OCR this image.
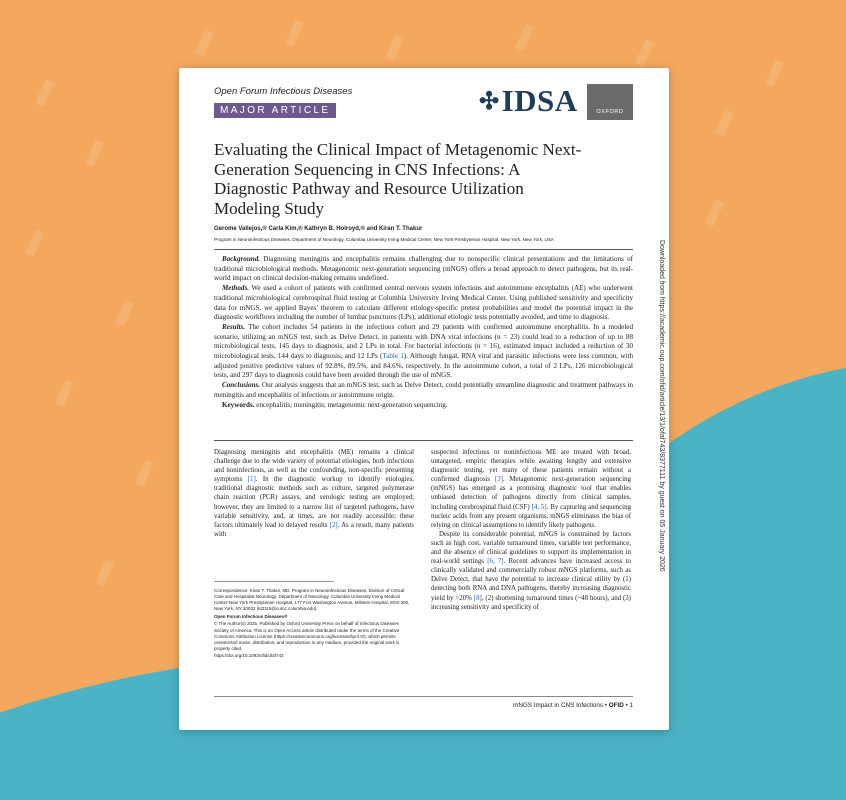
Open Forum Infectious Diseases
MAJOR ARTICLE	✣ IDSA	OXFORD
Evaluating the Clinical Impact of Metagenomic Next-Generation Sequencing in CNS Infections: A Diagnostic Pathway and Resource Utilization Modeling Study
Gerome Vallejos,® Carla Kim,® Kathryn B. Holroyd,® and Kiran T. Thakur
Program in Neuroinfectious Diseases, Department of Neurology, Columbia University Irving Medical Center, New York Presbyterian Hospital, New York, New York, USA

Background. Diagnosing meningitis and encephalitis remains challenging due to nonspecific clinical presentations and the limitations of traditional microbiological methods. Metagenomic next-generation sequencing (mNGS) offers a broad approach to detect pathogens, but its real-world impact on clinical decision-making remains undefined.

Methods. We used a cohort of patients with confirmed central nervous system infections and autoimmune encephalitis (AE) who underwent traditional microbiological cerebrospinal fluid testing at Columbia University Irving Medical Center. Using published sensitivity and specificity data for mNGS, we applied Bayes’ theorem to calculate different etiology-specific pretest probabilities and model the potential impact in the diagnostic workflows including the number of lumbar punctures (LPs), additional etiologic tests potentially avoided, and time to diagnosis.

Results. The cohort includes 54 patients in the infectious cohort and 29 patients with confirmed autoimmune encephalitis. In a modeled scenario, utilizing an mNGS test, such as Delve Detect, in patients with DNA viral infections (n = 23) could lead to a reduction of up to 88 microbiological tests, 145 days to diagnosis, and 2 LPs in total. For bacterial infections (n = 16), estimated impact included a reduction of 30 microbiological tests, 144 days to diagnosis, and 12 LPs (Table 1). Although fungal, RNA viral and parasitic infections were less common, with adjusted positive predictive values of 92.8%, 89.5%, and 84.6%, respectively. In the autoimmune cohort, a total of 2 LPs, 126 microbiological tests, and 297 days to diagnosis could have been avoided through the use of mNGS.

Conclusions. Our analysis suggests that an mNGS test, such as Delve Detect, could potentially streamline diagnostic and treatment pathways in meningitis and encephalitis of infectious or autoimmune origin.

Keywords. encephalitis; meningitis; metagenomic next-generation sequencing.

Diagnosing meningitis and encephalitis (ME) remains a clinical challenge due to the wide variety of potential etiologies, both infectious and noninfectious, as well as the confounding, non-specific presenting symptoms [1]. In the diagnostic workup to identify etiologies, traditional diagnostic methods such as culture, targeted polymerase chain reaction (PCR) assays, and serologic testing are employed; however, they are limited to a narrow list of targeted pathogens, have variable sensitivity, and, at times, are not readily accessible; these factors ultimately lead to delayed results [2]. As a result, many patients with

suspected infectious or noninfectious ME are treated with broad, untargeted, empiric therapies while awaiting lengthy and extensive diagnostic testing, yet many of these patients remain without a confirmed diagnosis [3]. Metagenomic next-generation sequencing (mNGS) has emerged as a promising diagnostic tool that enables unbiased detection of pathogens directly from clinical samples, including cerebrospinal fluid (CSF) [4, 5]. By capturing and sequencing nucleic acids from any present organisms, mNGS eliminates the bias of relying on clinical assumptions to identify likely pathogens.

Despite its considerable potential, mNGS is constrained by factors such as high cost, variable turnaround times, variable test performance, and the absence of clinical guidelines to support its implementation in real-world settings [6, 7]. Recent advances have increased access to clinically validated and commercially robust mNGS platforms, such as Delve Detect, that have the potential to increase clinical utility by (1) detecting both RNA and DNA pathogens, thereby increasing diagnostic yield by >20% [8], (2) shortening turnaround times (~48 hours), and (3) increasing sensitivity and specificity of

Correspondence: Kiran T. Thakur, MD, Program in Neuroinfectious Diseases, Division of Critical Care and Hospitalist Neurology, Department of Neurology, Columbia University Irving Medical Center-New York Presbyterian Hospital, 177 Fort Washington Avenue, Milstein Hospital, 8GS-300, New York, NY 10032 (kt2115@cumc.columbia.edu).

Open Forum Infectious Diseases®

© The Author(s) 2025. Published by Oxford University Press on behalf of Infectious Diseases Society of America. This is an Open Access article distributed under the terms of the Creative Commons Attribution License (https://creativecommons.org/licenses/by/4.0/), which permits unrestricted reuse, distribution, and reproduction in any medium, provided the original work is properly cited.

https://doi.org/10.1093/ofid/ofaf743

mNGS Impact in CNS Infections • OFID • 1
Downloaded from https://academic.oup.com/ofid/article/13/1/ofaf743/8377111 by guest on 05 January 2026
